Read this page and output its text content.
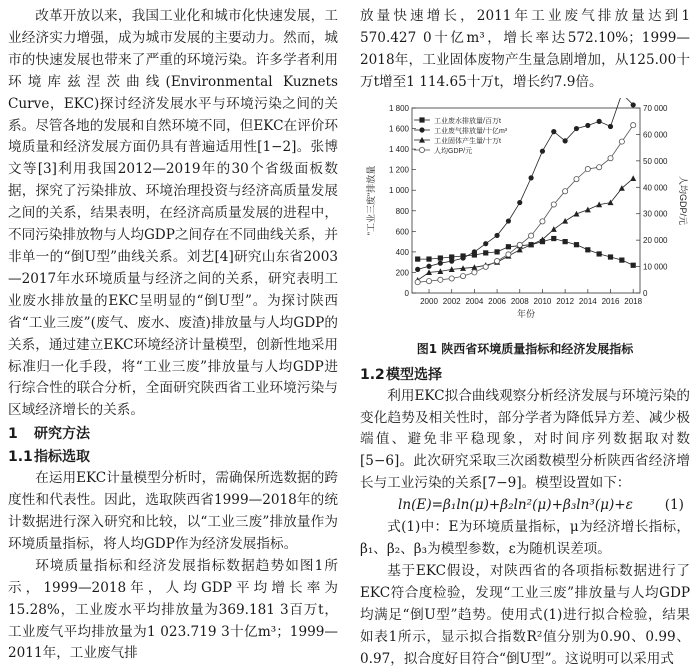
改革开放以来，我国工业化和城市化快速发展，工业经济实力增强，成为城市发展的主要动力。然而，城市的快速发展也带来了严重的环境污染。许多学者利用环境库兹涅茨曲线(Environmental Kuznets Curve，EKC)探讨经济发展水平与环境污染之间的关系。尽管各地的发展和自然环境不同，但EKC在评价环境质量和经济发展方面仍具有普遍适用性[1−2]。张博文等[3]利用我国2012—2019年的30个省级面板数据，探究了污染排放、环境治理投资与经济高质量发展之间的关系，结果表明，在经济高质量发展的进程中，不同污染排放物与人均GDP之间存在不同曲线关系，并非单一的“倒U型”曲线关系。刘艺[4]研究山东省2003—2017年水环境质量与经济之间的关系，研究表明工业废水排放量的EKC呈明显的“倒U型”。为探讨陕西省“工业三废”(废气、废水、废渣)排放量与人均GDP的关系，通过建立EKC环境经济计量模型，创新性地采用标准归一化手段，将“工业三废”排放量与人均GDP进行综合性的联合分析，全面研究陕西省工业环境污染与区域经济增长的关系。

1 研究方法
1.1指标选取

在运用EKC计量模型分析时，需确保所选数据的跨度性和代表性。因此，选取陕西省1999—2018年的统计数据进行深入研究和比较，以“工业三废”排放量作为环境质量指标，将人均GDP作为经济发展指标。

环境质量指标和经济发展指标数据趋势如图1所示，1999—2018年，人均GDP平均增长率为15.28%，工业废水平均排放量为369.181 3百万t，工业废气平均排放量为1 023.719 3十亿m³；1999—2011年，工业废气排

放量快速增长，2011年工业废气排放量达到1 570.427 0十亿m³，增长率达572.10%；1999—2018年，工业固体废物产生量急剧增加，从125.00十万t增至1 114.65十万t，增长约7.9倍。

0
200
400
600
800
1 000
1 200
1 400
1 600
1 800
0
10 000
20 000
30 000
40 000
50 000
60 000
70 000
2000 2002 2004 2006 2008 2010 2012 2014 2016 2018
年份
"工业三废"排放量	人均GDP/元
工业废水排放量/百万t
工业废气排放量/十亿m³
工业固体产生量/十万t
人均GDP/元
图1 陕西省环境质量指标和经济发展指标
1.2模型选择

利用EKC拟合曲线观察分析经济发展与环境污染的变化趋势及相关性时，部分学者为降低异方差、减少极端值、避免非平稳现象，对时间序列数据取对数[5−6]。此次研究采取三次函数模型分析陕西省经济增长与工业污染的关系[7−9]。模型设置如下：

ln(E)=β₁ln(μ)+β₂ln²(μ)+β₃ln³(μ)+ε (1)

式(1)中：E为环境质量指标，μ为经济增长指标，β₁、β₂、β₃为模型参数，ε为随机误差项。

基于EKC假设，对陕西省的各项指标数据进行了EKC符合度检验，发现“工业三废”排放量与人均GDP均满足“倒U型”趋势。使用式(1)进行拟合检验，结果如表1所示，显示拟合指数R²值分别为0.90、0.99、0.97，拟合度好目符合“倒U型”。这说明可以采用式
